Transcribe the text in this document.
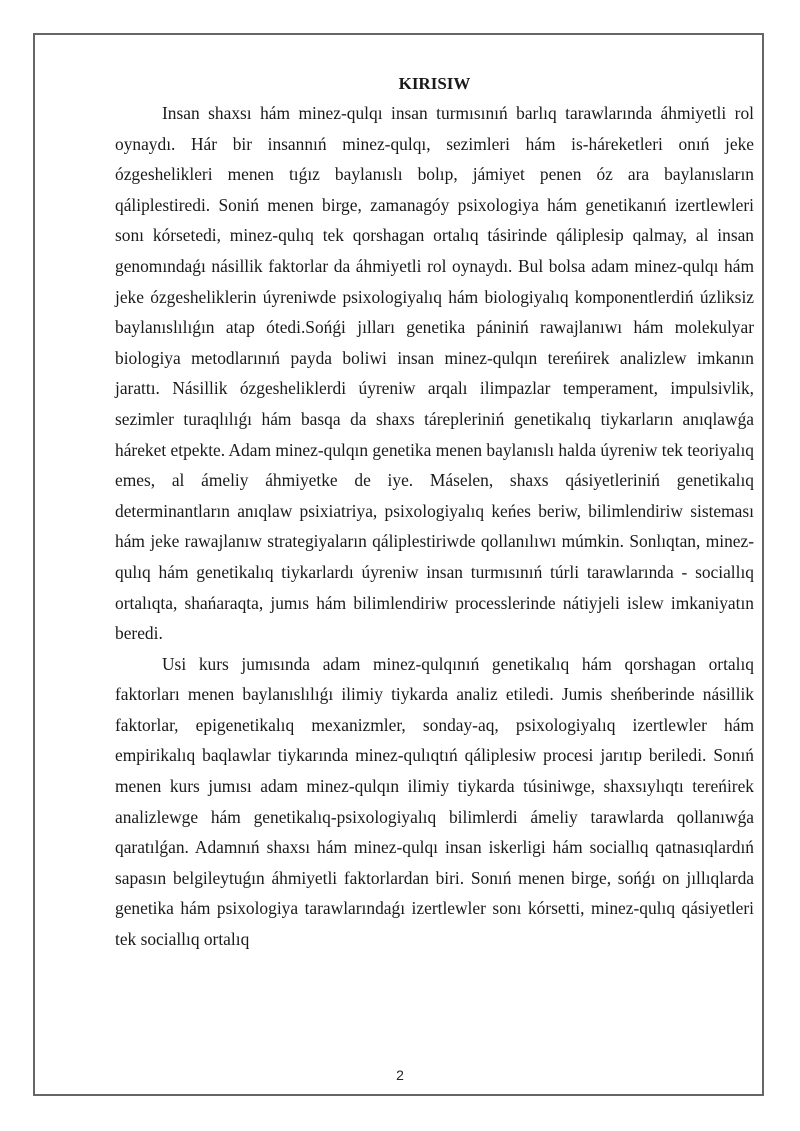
KIRISIW

Insan shaxsı hám minez-qulqı insan turmısınıń barlıq tarawlarında áhmiyetli rol oynaydı. Hár bir insannıń minez-qulqı, sezimleri hám is-háreketleri onıń jeke ózgeshelikleri menen tıǵız baylanıslı bolıp, jámiyet penen óz ara baylanısların qáliplestiredi. Soniń menen birge, zamanagóy psixologiya hám genetikanıń izertlewleri sonı kórsetedi, minez-qulıq tek qorshagan ortalıq tásirinde qáliplesip qalmay, al insan genomındaǵı násillik faktorlar da áhmiyetli rol oynaydı. Bul bolsa adam minez-qulqı hám jeke ózgesheliklerin úyreniwde psixologiyalıq hám biologiyalıq komponentlerdiń úzliksiz baylanıslılıǵın atap ótedi.Sońǵi jılları genetika pániniń rawajlanıwı hám molekulyar biologiya metodlarınıń payda boliwi insan minez-qulqın tereńirek analizlew imkanın jarattı. Násillik ózgesheliklerdi úyreniw arqalı ilimpazlar temperament, impulsivlik, sezimler turaqlılıǵı hám basqa da shaxs tárepleriniń genetikalıq tiykarların anıqlawǵa háreket etpekte. Adam minez-qulqın genetika menen baylanıslı halda úyreniw tek teoriyalıq emes, al ámeliy áhmiyetke de iye. Máselen, shaxs qásiyetleriniń genetikalıq determinantların anıqlaw psixiatriya, psixologiyalıq keńes beriw, bilimlendiriw sisteması hám jeke rawajlanıw strategiyaların qáliplestiriwde qollanılıwı múmkin. Sonlıqtan, minez-qulıq hám genetikalıq tiykarlardı úyreniw insan turmısınıń túrli tarawlarında - sociallıq ortalıqta, shańaraqta, jumıs hám bilimlendiriw processlerinde nátiyjeli islew imkaniyatın beredi.

Usi kurs jumısında adam minez-qulqınıń genetikalıq hám qorshagan ortalıq faktorları menen baylanıslılıǵı ilimiy tiykarda analiz etiledi. Jumis sheńberinde násillik faktorlar, epigenetikalıq mexanizmler, sonday-aq, psixologiyalıq izertlewler hám empirikalıq baqlawlar tiykarında minez-qulıqtıń qáliplesiw procesi jarıtıp beriledi. Sonıń menen kurs jumısı adam minez-qulqın ilimiy tiykarda túsiniwge, shaxsıylıqtı tereńirek analizlewge hám genetikalıq-psixologiyalıq bilimlerdi ámeliy tarawlarda qollanıwǵa qaratılǵan. Adamnıń shaxsı hám minez-qulqı insan iskerligi hám sociallıq qatnasıqlardıń sapasın belgileytuǵın áhmiyetli faktorlardan biri. Sonıń menen birge, sońǵı on jıllıqlarda genetika hám psixologiya tarawlarındaǵı izertlewler sonı kórsetti, minez-qulıq qásiyetleri tek sociallıq ortalıq

2
